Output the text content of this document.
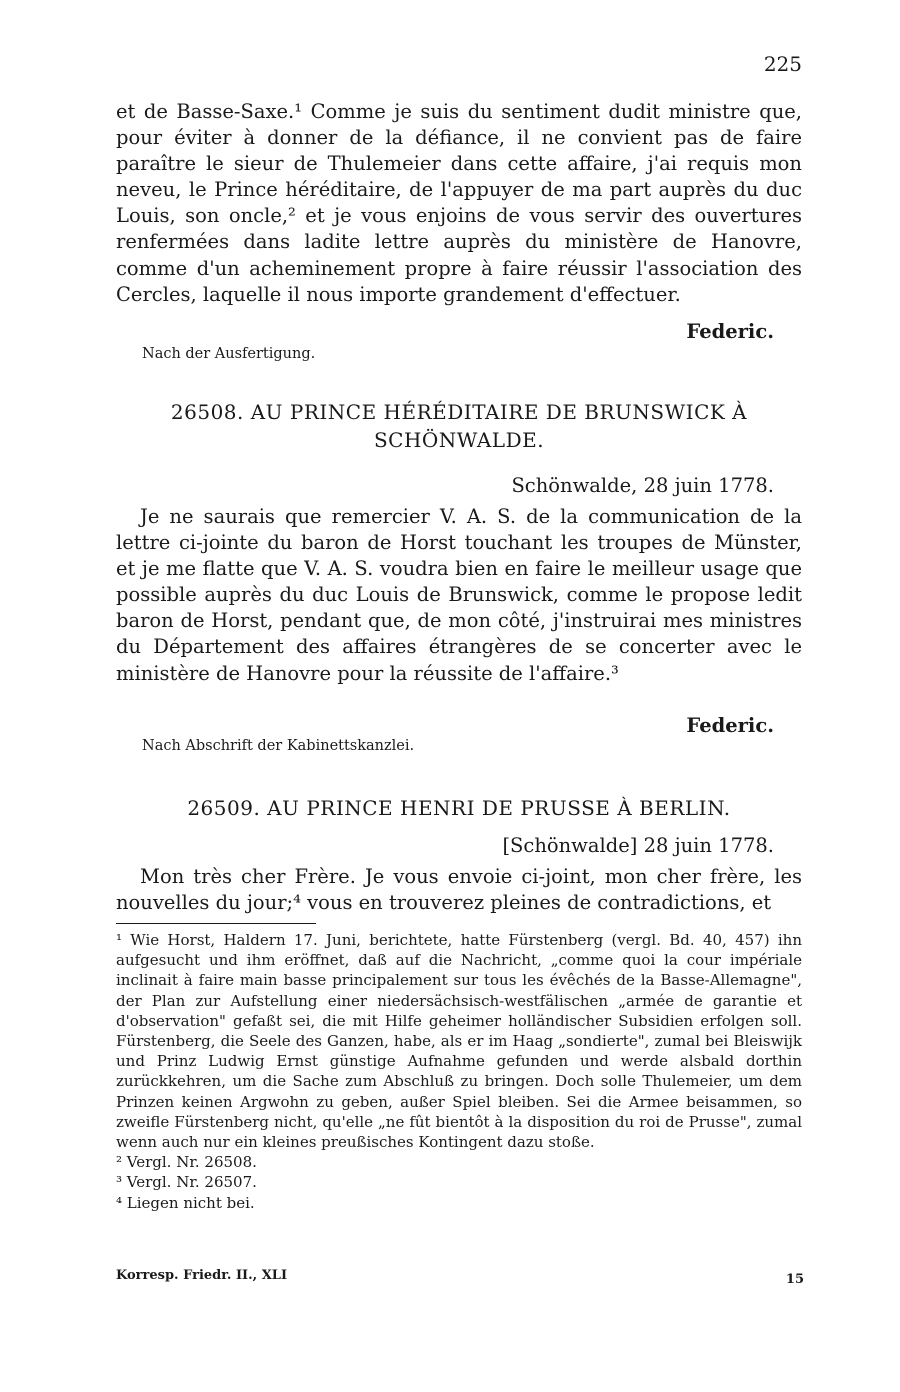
225
et de Basse-Saxe.¹ Comme je suis du sentiment dudit ministre que, pour éviter à donner de la défiance, il ne convient pas de faire paraître le sieur de Thulemeier dans cette affaire, j'ai requis mon neveu, le Prince héréditaire, de l'appuyer de ma part auprès du duc Louis, son oncle,² et je vous enjoins de vous servir des ouvertures renfermées dans ladite lettre auprès du ministère de Hanovre, comme d'un acheminement propre à faire réussir l'association des Cercles, laquelle il nous importe grandement d'effectuer.
Federic.
Nach der Ausfertigung.
26508. AU PRINCE HÉRÉDITAIRE DE BRUNSWICK À
SCHÖNWALDE.
Schönwalde, 28 juin 1778.
Je ne saurais que remercier V. A. S. de la communication de la lettre ci-jointe du baron de Horst touchant les troupes de Münster, et je me flatte que V. A. S. voudra bien en faire le meilleur usage que possible auprès du duc Louis de Brunswick, comme le propose ledit baron de Horst, pendant que, de mon côté, j'instruirai mes ministres du Département des affaires étrangères de se concerter avec le ministère de Hanovre pour la réussite de l'affaire.³
Federic.
Nach Abschrift der Kabinettskanzlei.
26509. AU PRINCE HENRI DE PRUSSE À BERLIN.
[Schönwalde] 28 juin 1778.
Mon très cher Frère. Je vous envoie ci-joint, mon cher frère, les nouvelles du jour;⁴ vous en trouverez pleines de contradictions, et

¹ Wie Horst, Haldern 17. Juni, berichtete, hatte Fürstenberg (vergl. Bd. 40, 457) ihn aufgesucht und ihm eröffnet, daß auf die Nachricht, „comme quoi la cour impériale inclinait à faire main basse principalement sur tous les évêchés de la Basse-Allemagne", der Plan zur Aufstellung einer niedersächsisch-westfälischen „armée de garantie et d'observation" gefaßt sei, die mit Hilfe geheimer holländischer Subsidien erfolgen soll. Fürstenberg, die Seele des Ganzen, habe, als er im Haag „sondierte", zumal bei Bleiswijk und Prinz Ludwig Ernst günstige Aufnahme gefunden und werde alsbald dorthin zurückkehren, um die Sache zum Abschluß zu bringen. Doch solle Thulemeier, um dem Prinzen keinen Argwohn zu geben, außer Spiel bleiben. Sei die Armee beisammen, so zweifle Fürstenberg nicht, qu'elle „ne fût bientôt à la disposition du roi de Prusse", zumal wenn auch nur ein kleines preußisches Kontingent dazu stoße.

² Vergl. Nr. 26508.

³ Vergl. Nr. 26507.

⁴ Liegen nicht bei.

Korresp. Friedr. II., XLI	15
